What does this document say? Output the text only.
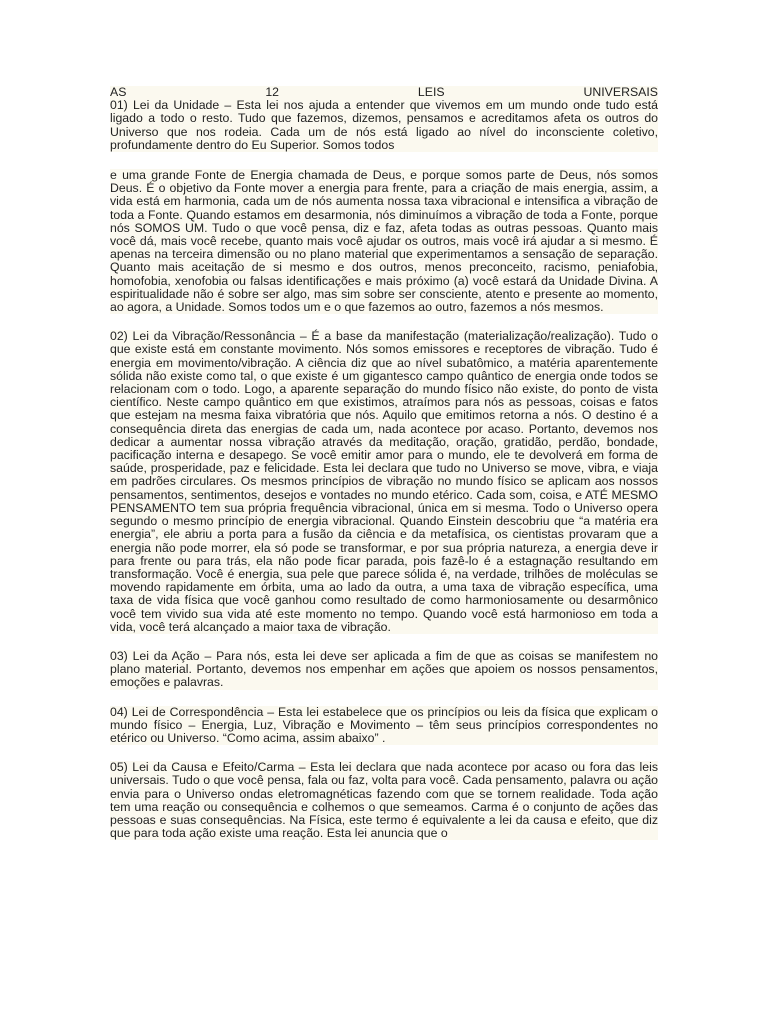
AS	12	LEIS	UNIVERSAIS

01) Lei da Unidade – Esta lei nos ajuda a entender que vivemos em um mundo onde tudo está ligado a todo o resto. Tudo que fazemos, dizemos, pensamos e acreditamos afeta os outros do Universo que nos rodeia. Cada um de nós está ligado ao nível do inconsciente coletivo, profundamente dentro do Eu Superior. Somos todos

e uma grande Fonte de Energia chamada de Deus, e porque somos parte de Deus, nós somos Deus. É o objetivo da Fonte mover a energia para frente, para a criação de mais energia, assim, a vida está em harmonia, cada um de nós aumenta nossa taxa vibracional e intensifica a vibração de toda a Fonte. Quando estamos em desarmonia, nós diminuímos a vibração de toda a Fonte, porque nós SOMOS UM. Tudo o que você pensa, diz e faz, afeta todas as outras pessoas. Quanto mais você dá, mais você recebe, quanto mais você ajudar os outros, mais você irá ajudar a si mesmo. É apenas na terceira dimensão ou no plano material que experimentamos a sensação de separação. Quanto mais aceitação de si mesmo e dos outros, menos preconceito, racismo, peniafobia, homofobia, xenofobia ou falsas identificações e mais próximo (a) você estará da Unidade Divina. A espiritualidade não é sobre ser algo, mas sim sobre ser consciente, atento e presente ao momento, ao agora, a Unidade. Somos todos um e o que fazemos ao outro, fazemos a nós mesmos.

02) Lei da Vibração/Ressonância – É a base da manifestação (materialização/realização). Tudo o que existe está em constante movimento. Nós somos emissores e receptores de vibração. Tudo é energia em movimento/vibração. A ciência diz que ao nível subatômico, a matéria aparentemente sólida não existe como tal, o que existe é um gigantesco campo quântico de energia onde todos se relacionam com o todo. Logo, a aparente separação do mundo físico não existe, do ponto de vista científico. Neste campo quântico em que existimos, atraímos para nós as pessoas, coisas e fatos que estejam na mesma faixa vibratória que nós. Aquilo que emitimos retorna a nós. O destino é a consequência direta das energias de cada um, nada acontece por acaso. Portanto, devemos nos dedicar a aumentar nossa vibração através da meditação, oração, gratidão, perdão, bondade, pacificação interna e desapego. Se você emitir amor para o mundo, ele te devolverá em forma de saúde, prosperidade, paz e felicidade. Esta lei declara que tudo no Universo se move, vibra, e viaja em padrões circulares. Os mesmos princípios de vibração no mundo físico se aplicam aos nossos pensamentos, sentimentos, desejos e vontades no mundo etérico. Cada som, coisa, e ATÉ MESMO PENSAMENTO tem sua própria frequência vibracional, única em si mesma. Todo o Universo opera segundo o mesmo princípio de energia vibracional. Quando Einstein descobriu que “a matéria era energia”, ele abriu a porta para a fusão da ciência e da metafísica, os cientistas provaram que a energia não pode morrer, ela só pode se transformar, e por sua própria natureza, a energia deve ir para frente ou para trás, ela não pode ficar parada, pois fazê-lo é a estagnação resultando em transformação. Você é energia, sua pele que parece sólida é, na verdade, trilhões de moléculas se movendo rapidamente em órbita, uma ao lado da outra, a uma taxa de vibração específica, uma taxa de vida física que você ganhou como resultado de como harmoniosamente ou desarmônico você tem vivido sua vida até este momento no tempo. Quando você está harmonioso em toda a vida, você terá alcançado a maior taxa de vibração.

03) Lei da Ação – Para nós, esta lei deve ser aplicada a fim de que as coisas se manifestem no plano material. Portanto, devemos nos empenhar em ações que apoiem os nossos pensamentos, emoções e palavras.

04) Lei de Correspondência – Esta lei estabelece que os princípios ou leis da física que explicam o mundo físico – Energia, Luz, Vibração e Movimento – têm seus princípios correspondentes no etérico ou Universo. “Como acima, assim abaixo” .

05) Lei da Causa e Efeito/Carma – Esta lei declara que nada acontece por acaso ou fora das leis universais. Tudo o que você pensa, fala ou faz, volta para você. Cada pensamento, palavra ou ação envia para o Universo ondas eletromagnéticas fazendo com que se tornem realidade. Toda ação tem uma reação ou consequência e colhemos o que semeamos. Carma é o conjunto de ações das pessoas e suas consequências. Na Física, este termo é equivalente a lei da causa e efeito, que diz que para toda ação existe uma reação. Esta lei anuncia que o
